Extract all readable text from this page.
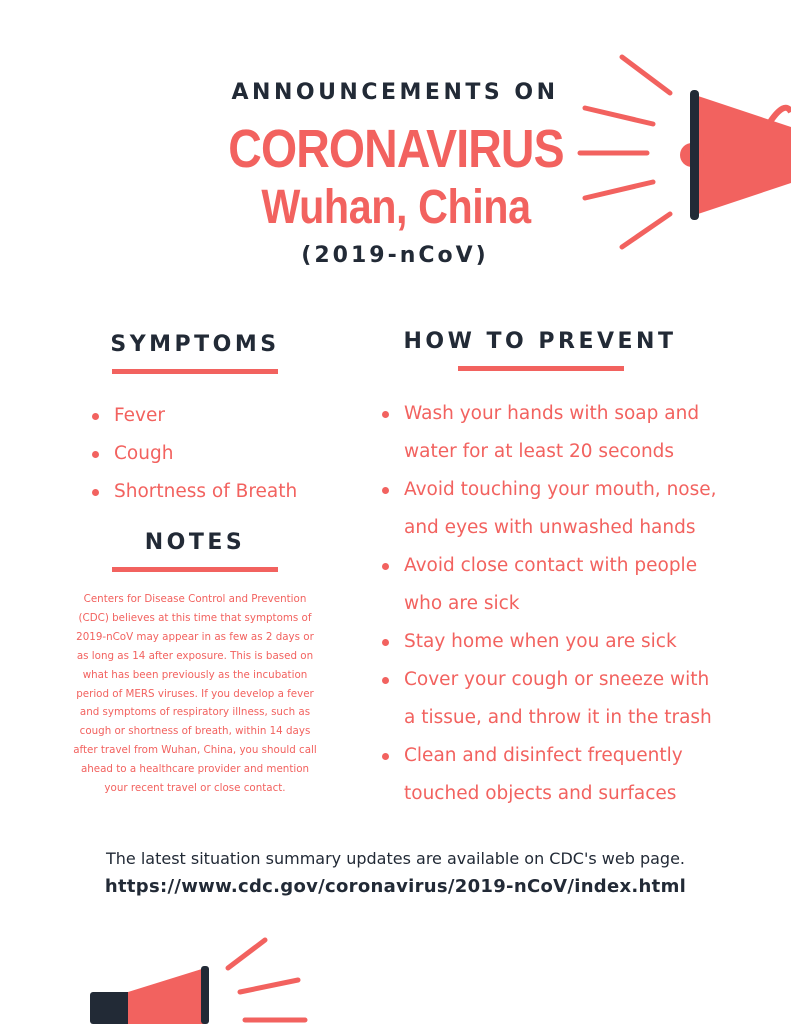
ANNOUNCEMENTS ON
CORONAVIRUS
Wuhan, China
(2019-nCoV)
SYMPTOMS
Fever
Cough
Shortness of Breath
NOTES
Centers for Disease Control and Prevention (CDC) believes at this time that symptoms of 2019-nCoV may appear in as few as 2 days or as long as 14 after exposure. This is based on what has been previously as the incubation period of MERS viruses. If you develop a fever and symptoms of respiratory illness, such as cough or shortness of breath, within 14 days after travel from Wuhan, China, you should call ahead to a healthcare provider and mention your recent travel or close contact.
HOW TO PREVENT
Wash your hands with soap and water for at least 20 seconds
Avoid touching your mouth, nose, and eyes with unwashed hands
Avoid close contact with people who are sick
Stay home when you are sick
Cover your cough or sneeze with a tissue, and throw it in the trash
Clean and disinfect frequently touched objects and surfaces
The latest situation summary updates are available on CDC's web page.
https://www.cdc.gov/coronavirus/2019-nCoV/index.html
